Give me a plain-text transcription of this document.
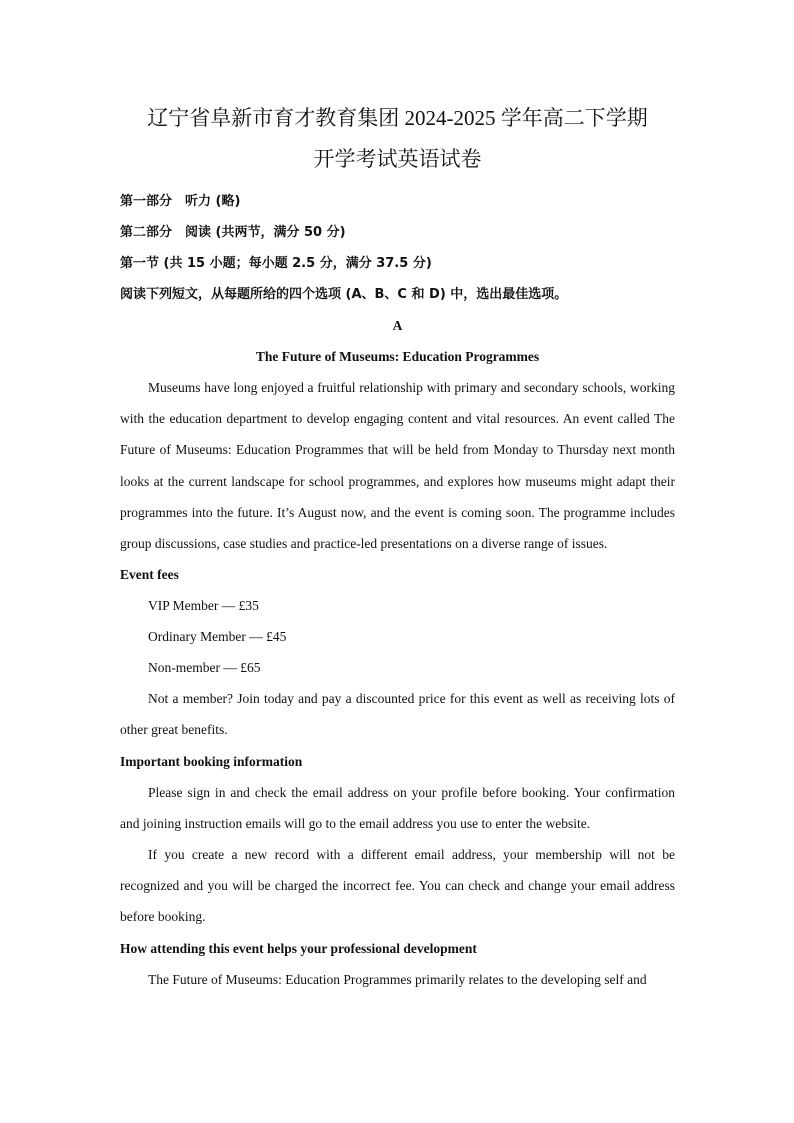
辽宁省阜新市育才教育集团 2024-2025 学年高二下学期
开学考试英语试卷

第一部分　听力 (略)

第二部分　阅读 (共两节，满分 50 分)

第一节 (共 15 小题；每小题 2.5 分，满分 37.5 分)

阅读下列短文，从每题所给的四个选项 (A、B、C 和 D) 中，选出最佳选项。

A

The Future of Museums: Education Programmes

Museums have long enjoyed a fruitful relationship with primary and secondary schools, working with the education department to develop engaging content and vital resources. An event called The Future of Museums: Education Programmes that will be held from Monday to Thursday next month looks at the current landscape for school programmes, and explores how museums might adapt their programmes into the future. It’s August now, and the event is coming soon. The programme includes group discussions, case studies and practice-led presentations on a diverse range of issues.

Event fees

VIP Member — £35

Ordinary Member — £45

Non-member — £65

Not a member? Join today and pay a discounted price for this event as well as receiving lots of other great benefits.

Important booking information

Please sign in and check the email address on your profile before booking. Your confirmation and joining instruction emails will go to the email address you use to enter the website.

If you create a new record with a different email address, your membership will not be recognized and you will be charged the incorrect fee. You can check and change your email address before booking.

How attending this event helps your professional development

The Future of Museums: Education Programmes primarily relates to the developing self and
